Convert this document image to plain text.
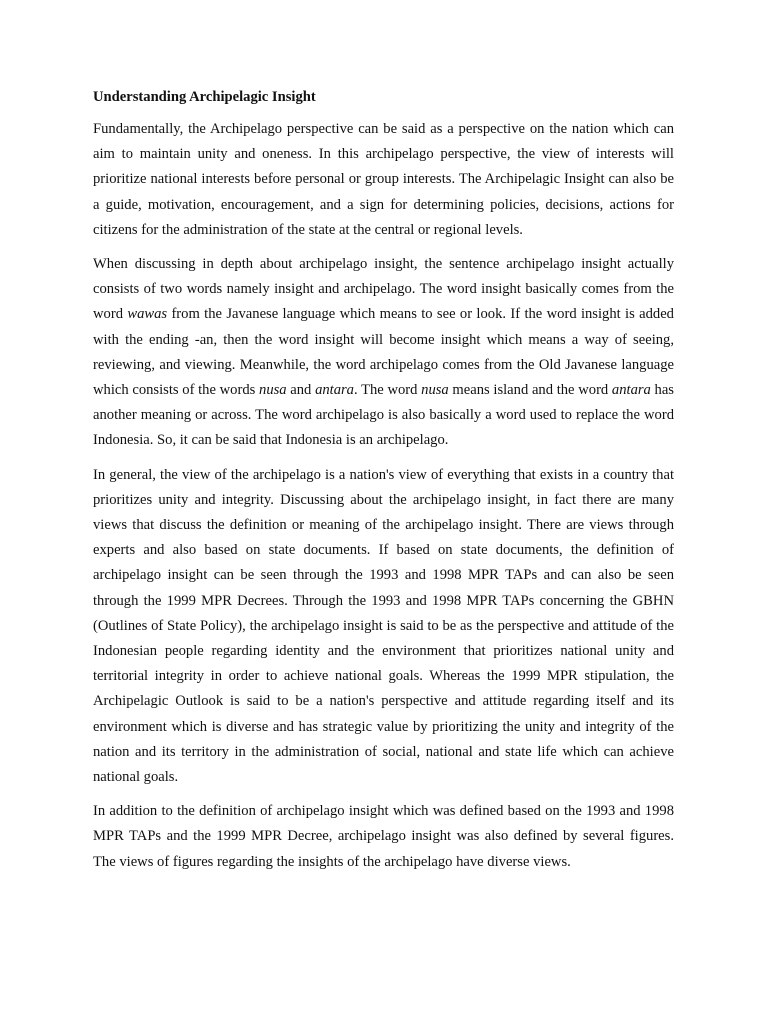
Understanding Archipelagic Insight

Fundamentally, the Archipelago perspective can be said as a perspective on the nation which can aim to maintain unity and oneness. In this archipelago perspective, the view of interests will prioritize national interests before personal or group interests. The Archipelagic Insight can also be a guide, motivation, encouragement, and a sign for determining policies, decisions, actions for citizens for the administration of the state at the central or regional levels.

When discussing in depth about archipelago insight, the sentence archipelago insight actually consists of two words namely insight and archipelago. The word insight basically comes from the word wawas from the Javanese language which means to see or look. If the word insight is added with the ending -an, then the word insight will become insight which means a way of seeing, reviewing, and viewing. Meanwhile, the word archipelago comes from the Old Javanese language which consists of the words nusa and antara. The word nusa means island and the word antara has another meaning or across. The word archipelago is also basically a word used to replace the word Indonesia. So, it can be said that Indonesia is an archipelago.

In general, the view of the archipelago is a nation's view of everything that exists in a country that prioritizes unity and integrity. Discussing about the archipelago insight, in fact there are many views that discuss the definition or meaning of the archipelago insight. There are views through experts and also based on state documents. If based on state documents, the definition of archipelago insight can be seen through the 1993 and 1998 MPR TAPs and can also be seen through the 1999 MPR Decrees. Through the 1993 and 1998 MPR TAPs concerning the GBHN (Outlines of State Policy), the archipelago insight is said to be as the perspective and attitude of the Indonesian people regarding identity and the environment that prioritizes national unity and territorial integrity in order to achieve national goals. Whereas the 1999 MPR stipulation, the Archipelagic Outlook is said to be a nation's perspective and attitude regarding itself and its environment which is diverse and has strategic value by prioritizing the unity and integrity of the nation and its territory in the administration of social, national and state life which can achieve national goals.

In addition to the definition of archipelago insight which was defined based on the 1993 and 1998 MPR TAPs and the 1999 MPR Decree, archipelago insight was also defined by several figures. The views of figures regarding the insights of the archipelago have diverse views.
